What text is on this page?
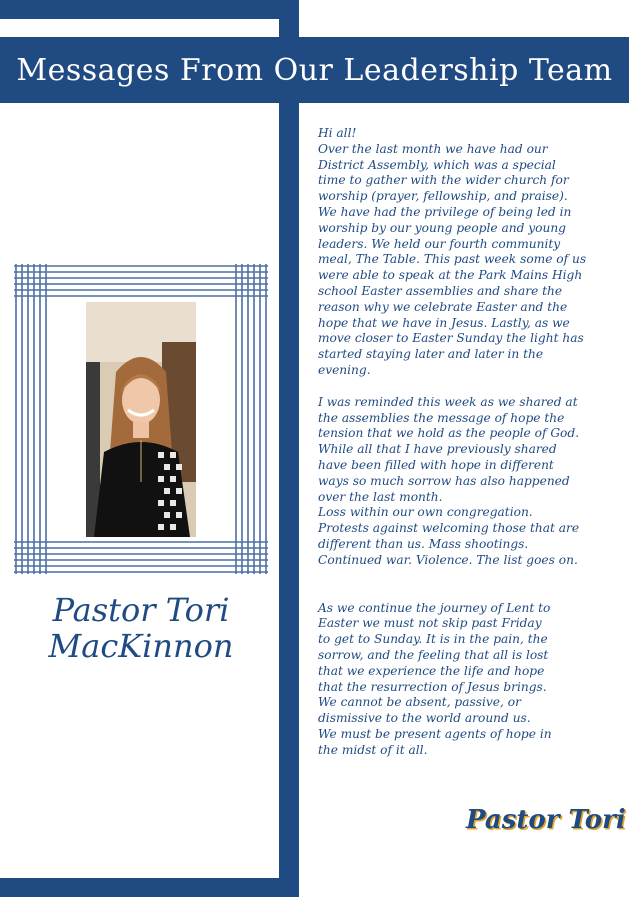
Messages From Our Leadership Team
Pastor Tori
MacKinnon

Hi all!
Over the last month we have had our
District Assembly, which was a special
time to gather with the wider church for
worship (prayer, fellowship, and praise).
We have had the privilege of being led in
worship by our young people and young
leaders. We held our fourth community
meal, The Table. This past week some of us
were able to speak at the Park Mains High
school Easter assemblies and share the
reason why we celebrate Easter and the
hope that we have in Jesus. Lastly, as we
move closer to Easter Sunday the light has
started staying later and later in the
evening.

I was reminded this week as we shared at
the assemblies the message of hope the
tension that we hold as the people of God.
While all that I have previously shared
have been filled with hope in different
ways so much sorrow has also happened
over the last month.
Loss within our own congregation.
Protests against welcoming those that are
different than us. Mass shootings.
Continued war. Violence. The list goes on.

As we continue the journey of Lent to
Easter we must not skip past Friday
to get to Sunday. It is in the pain, the
sorrow, and the feeling that all is lost
that we experience the life and hope
that the resurrection of Jesus brings.
We cannot be absent, passive, or
dismissive to the world around us.
We must be present agents of hope in
the midst of it all.

Pastor Tori
